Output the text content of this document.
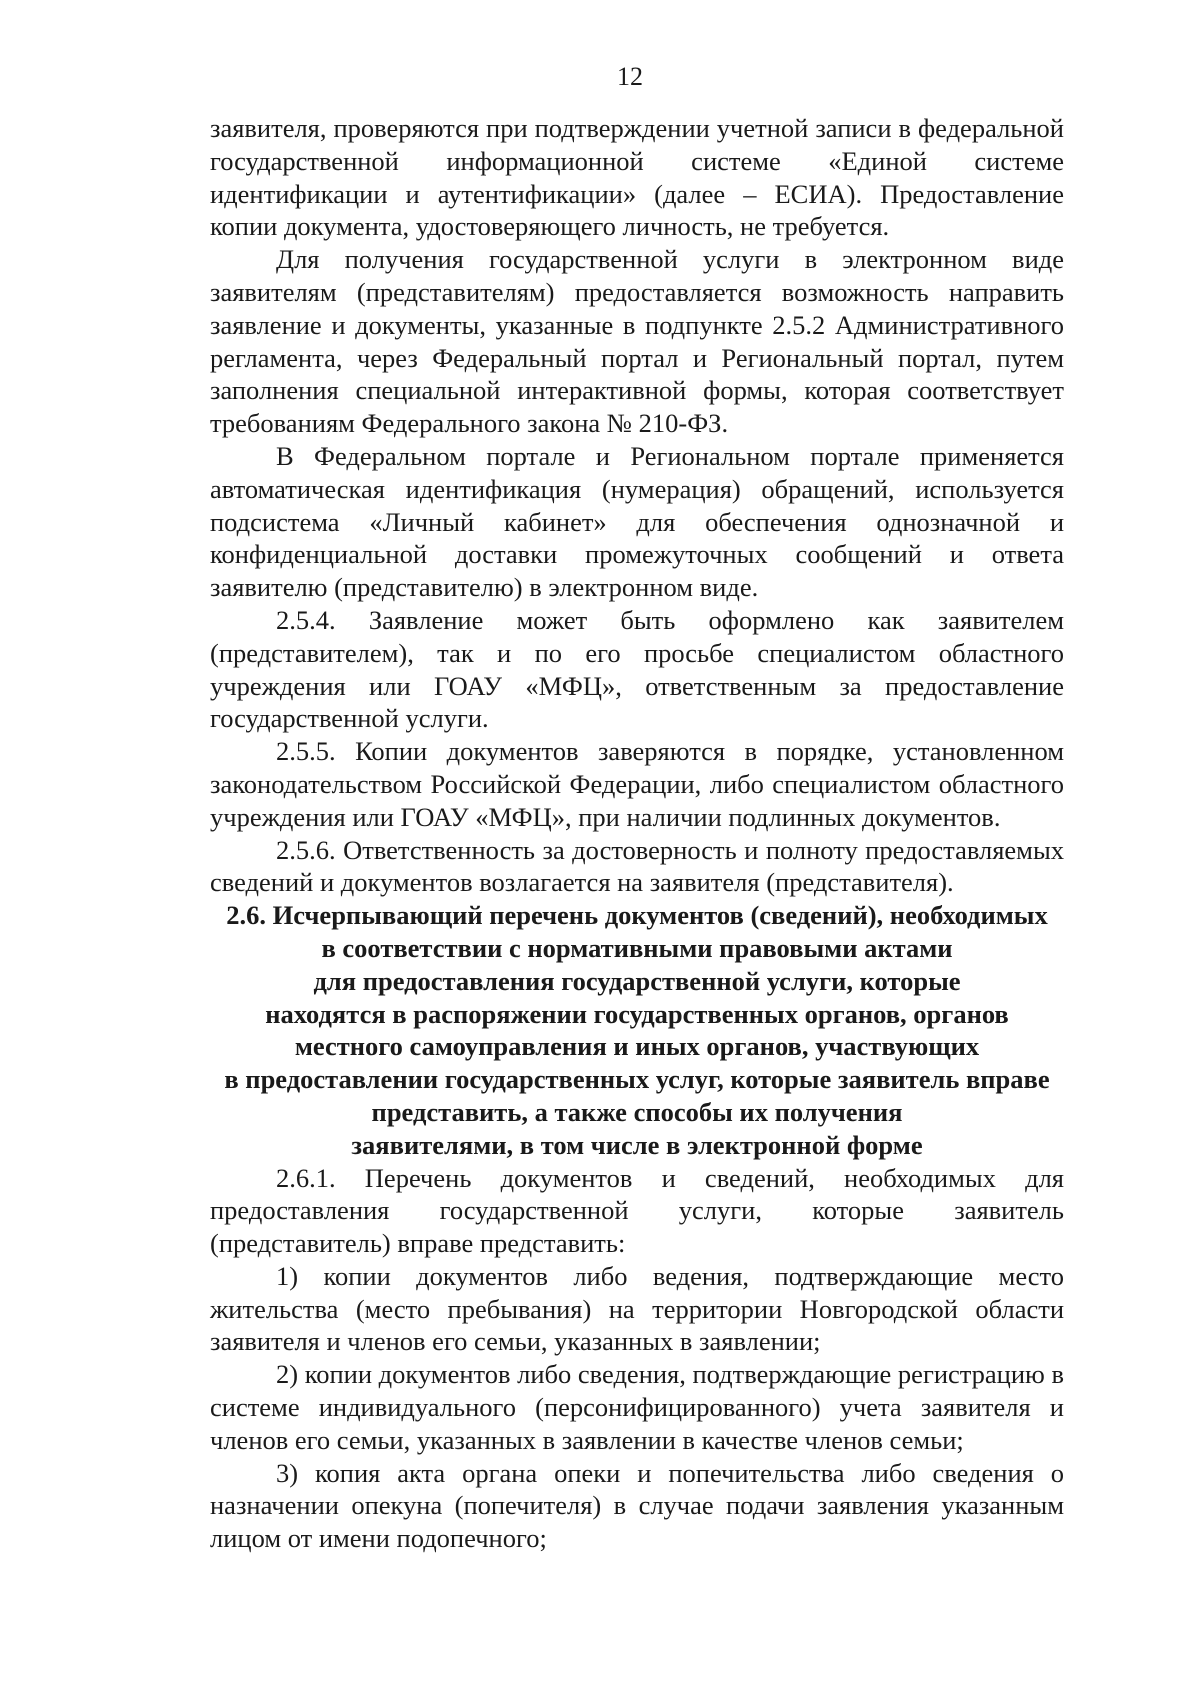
12

заявителя, проверяются при подтверждении учетной записи в федеральной государственной информационной системе «Единой системе идентификации и аутентификации» (далее – ЕСИА). Предоставление копии документа, удостоверяющего личность, не требуется.

Для получения государственной услуги в электронном виде заявителям (представителям) предоставляется возможность направить заявление и документы, указанные в подпункте 2.5.2 Административного регламента, через Федеральный портал и Региональный портал, путем заполнения специальной интерактивной формы, которая соответствует требованиям Федерального закона № 210-ФЗ.

В Федеральном портале и Региональном портале применяется автоматическая идентификация (нумерация) обращений, используется подсистема «Личный кабинет» для обеспечения однозначной и конфиденциальной доставки промежуточных сообщений и ответа заявителю (представителю) в электронном виде.

2.5.4. Заявление может быть оформлено как заявителем (представителем), так и по его просьбе специалистом областного учреждения или ГОАУ «МФЦ», ответственным за предоставление государственной услуги.

2.5.5. Копии документов заверяются в порядке, установленном законодательством Российской Федерации, либо специалистом областного учреждения или ГОАУ «МФЦ», при наличии подлинных документов.

2.5.6. Ответственность за достоверность и полноту предоставляемых сведений и документов возлагается на заявителя (представителя).

2.6. Исчерпывающий перечень документов (сведений), необходимых
в соответствии с нормативными правовыми актами
для предоставления государственной услуги, которые
находятся в распоряжении государственных органов, органов
местного самоуправления и иных органов, участвующих
в предоставлении государственных услуг, которые заявитель вправе
представить, а также способы их получения
заявителями, в том числе в электронной форме

2.6.1. Перечень документов и сведений, необходимых для предоставления государственной услуги, которые заявитель (представитель) вправе представить:

1) копии документов либо ведения, подтверждающие место жительства (место пребывания) на территории Новгородской области заявителя и членов его семьи, указанных в заявлении;

2) копии документов либо сведения, подтверждающие регистрацию в системе индивидуального (персонифицированного) учета заявителя и членов его семьи, указанных в заявлении в качестве членов семьи;

3) копия акта органа опеки и попечительства либо сведения о назначении опекуна (попечителя) в случае подачи заявления указанным лицом от имени подопечного;
